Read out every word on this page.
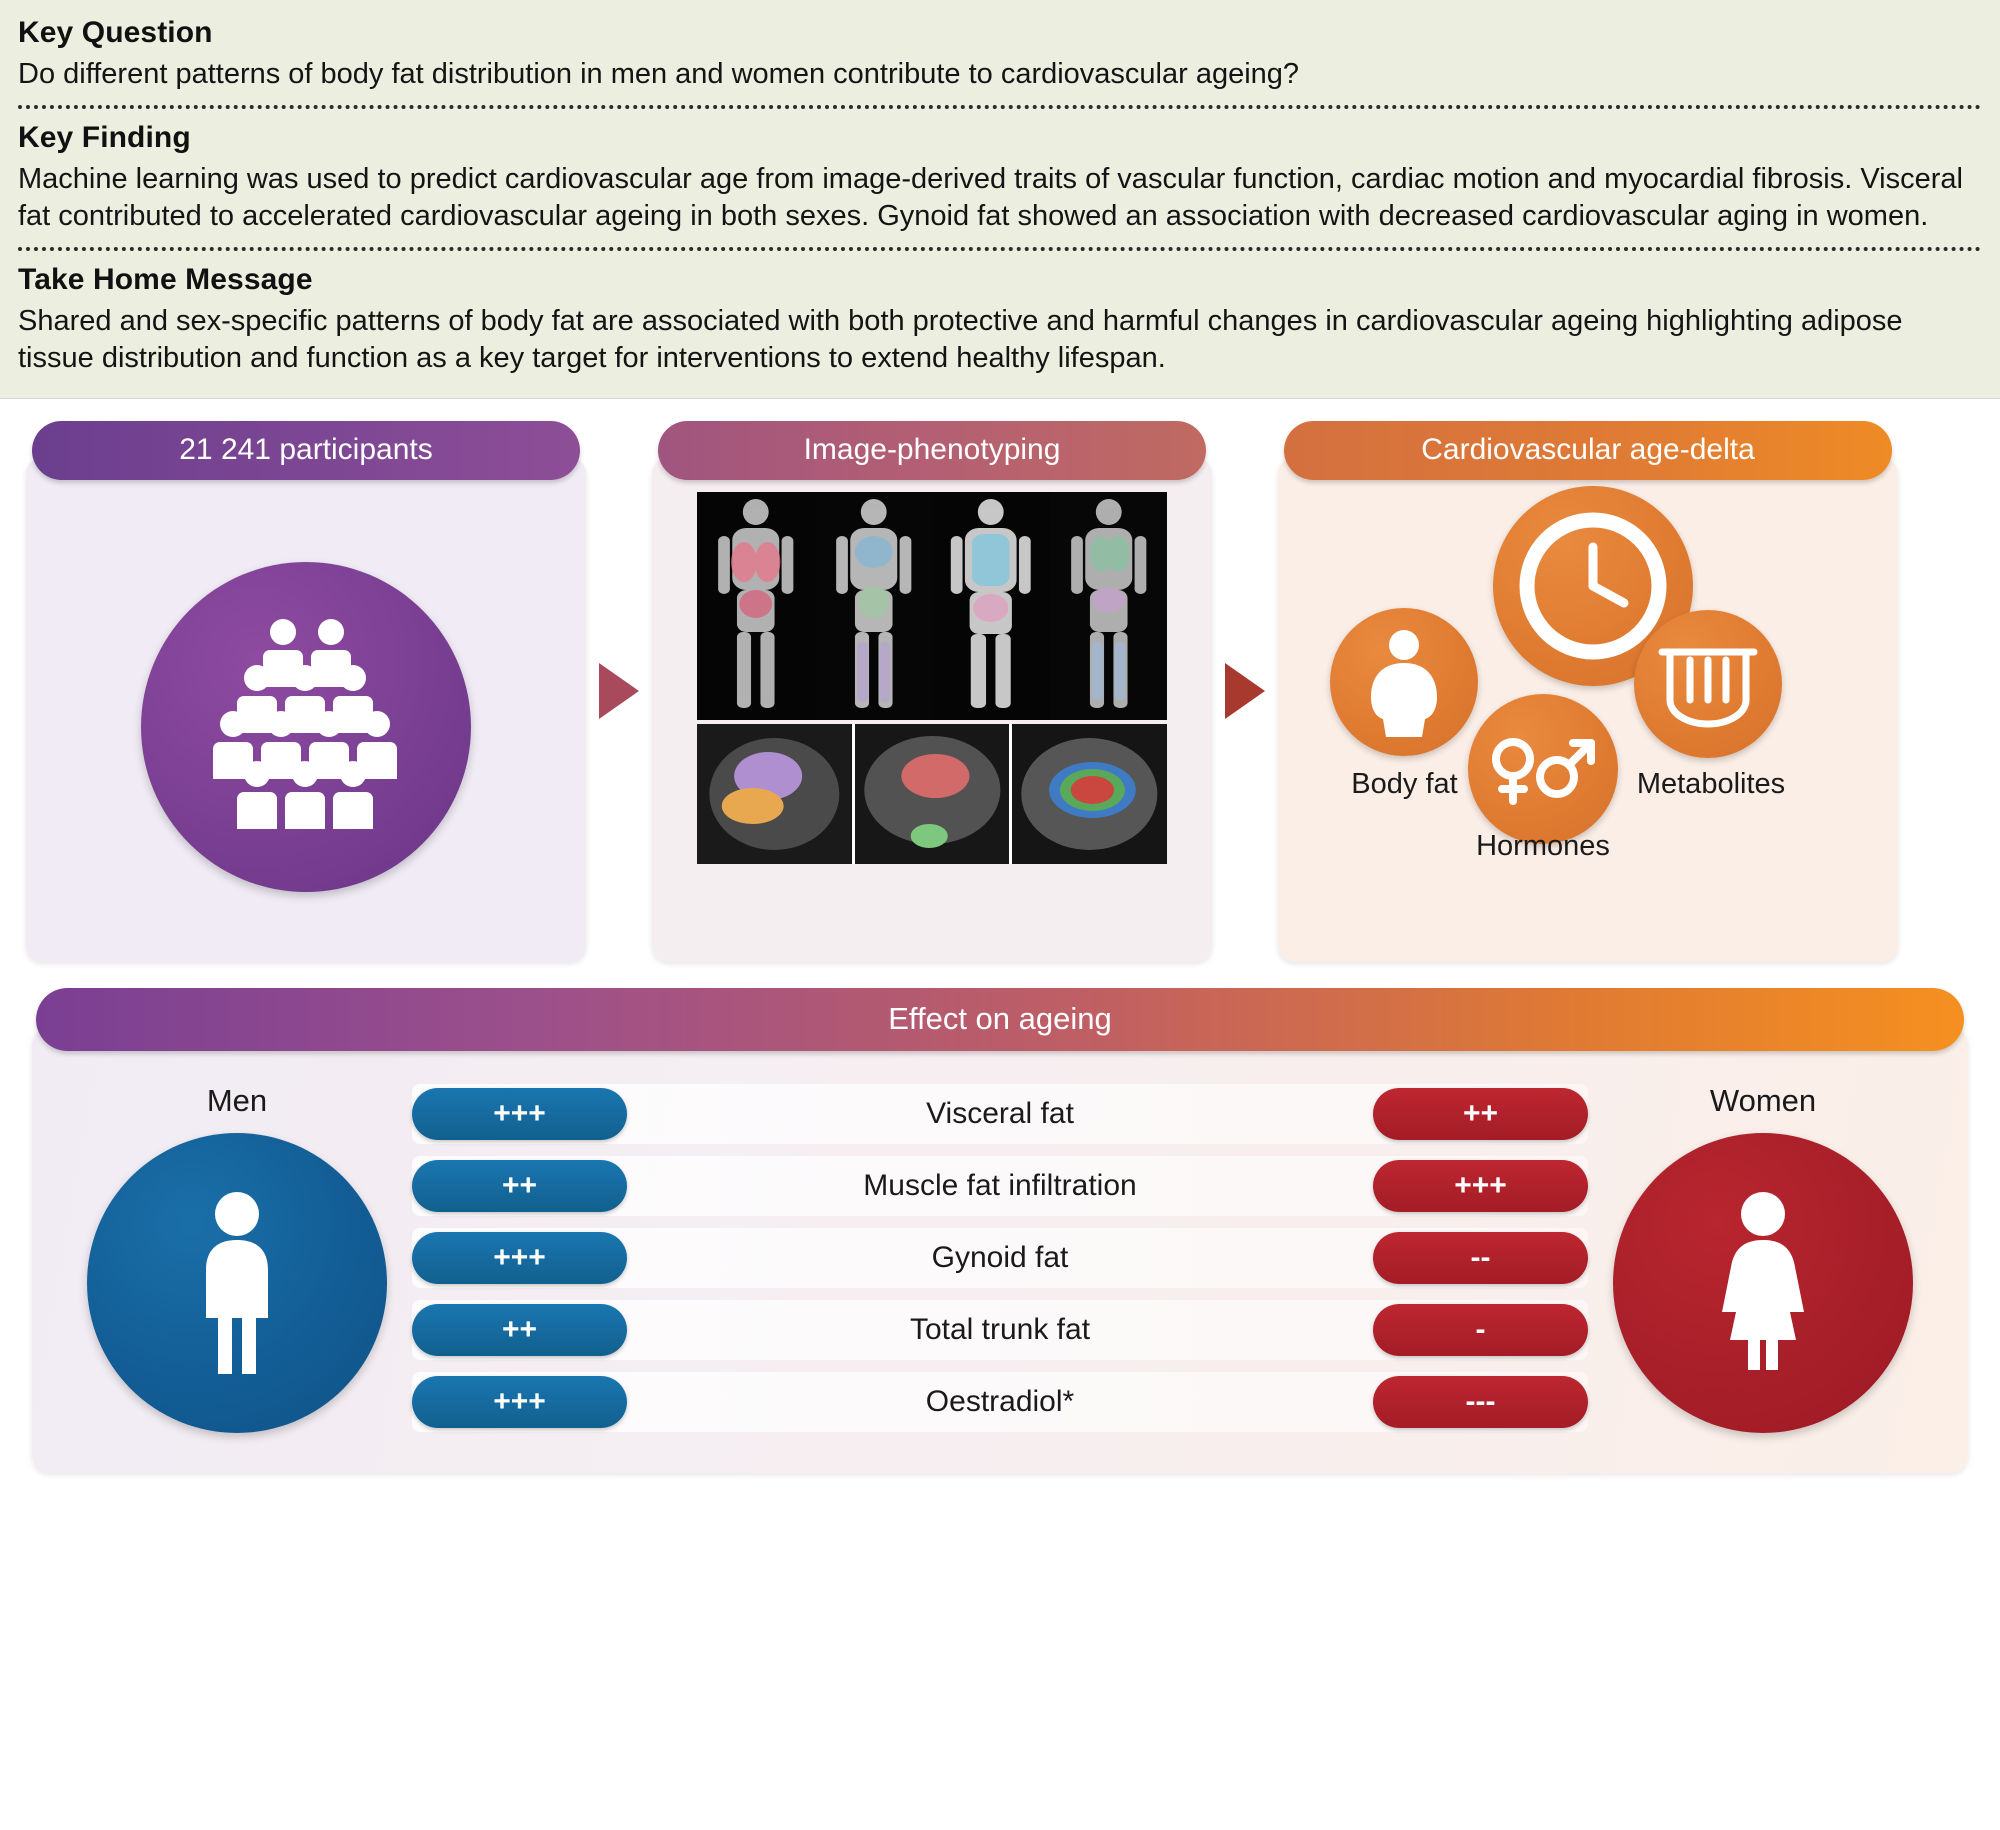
Key Question

Do different patterns of body fat distribution in men and women contribute to cardiovascular ageing?

Key Finding

Machine learning was used to predict cardiovascular age from image-derived traits of vascular function, cardiac motion and myocardial fibrosis. Visceral fat contributed to accelerated cardiovascular ageing in both sexes. Gynoid fat showed an association with decreased cardiovascular aging in women.

Take Home Message

Shared and sex-specific patterns of body fat are associated with both protective and harmful changes in cardiovascular ageing highlighting adipose tissue distribution and function as a key target for interventions to extend healthy lifespan.

21 241 participants	Image-phenotyping	Cardiovascular age-delta
Body fat
Hormones
Metabolites
Effect on ageing
Men	+++	Visceral fat	++
++	Muscle fat infiltration	+++
+++	Gynoid fat	--
++	Total trunk fat	-
+++	Oestradiol*	---
Women
